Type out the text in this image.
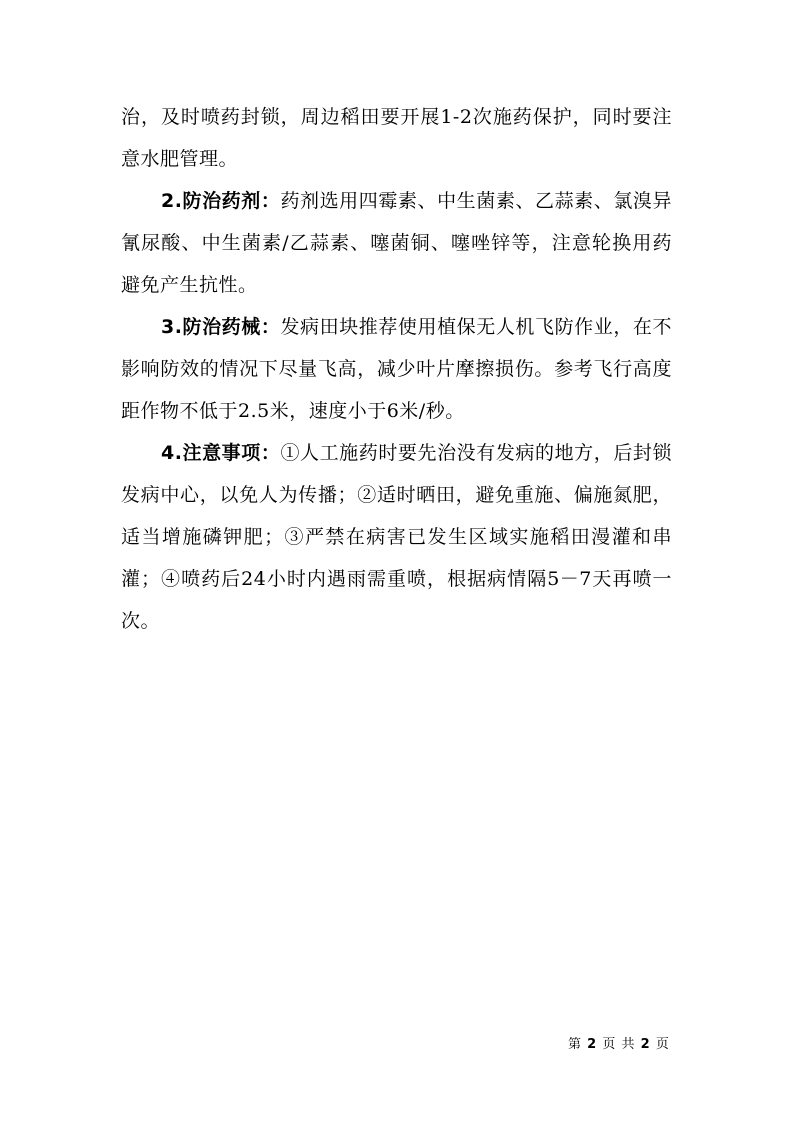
治，及时喷药封锁，周边稻田要开展1-2次施药保护，同时要注意水肥管理。

2.防治药剂：药剂选用四霉素、中生菌素、乙蒜素、氯溴异氰尿酸、中生菌素/乙蒜素、噻菌铜、噻唑锌等，注意轮换用药避免产生抗性。

3.防治药械：发病田块推荐使用植保无人机飞防作业，在不影响防效的情况下尽量飞高，减少叶片摩擦损伤。参考飞行高度距作物不低于2.5米，速度小于6米/秒。

4.注意事项：①人工施药时要先治没有发病的地方，后封锁发病中心，以免人为传播；②适时晒田，避免重施、偏施氮肥，适当增施磷钾肥；③严禁在病害已发生区域实施稻田漫灌和串灌；④喷药后24小时内遇雨需重喷，根据病情隔5－7天再喷一次。

第 2 页 共 2 页
